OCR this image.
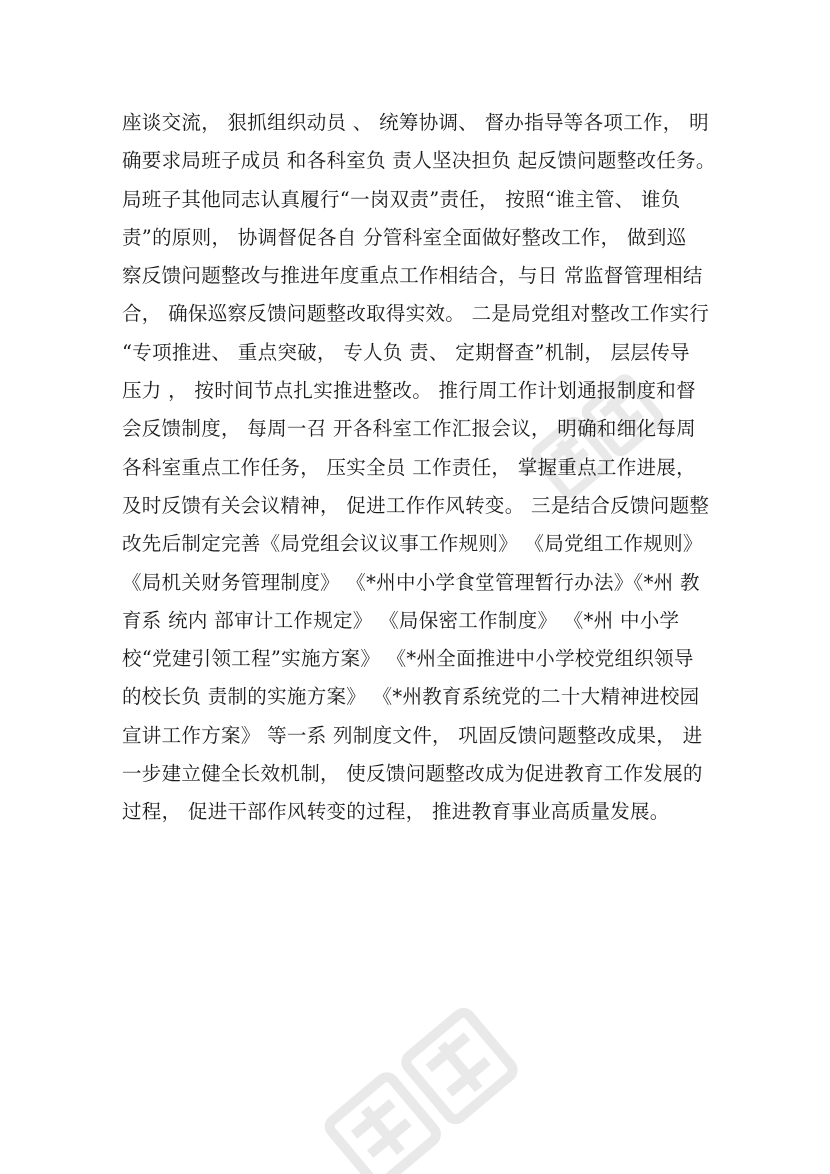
座谈交流， 狠抓组织动员 、 统筹协调、 督办指导等各项工作， 明
确要求局班子成员 和各科室负 责人坚决担负 起反馈问题整改任务。
局班子其他同志认真履行“一岗双责”责任， 按照“谁主管、 谁负
责”的原则， 协调督促各自 分管科室全面做好整改工作， 做到巡
察反馈问题整改与推进年度重点工作相结合，与日 常监督管理相结
合， 确保巡察反馈问题整改取得实效。 二是局党组对整改工作实行
“专项推进、 重点突破， 专人负 责、 定期督查”机制， 层层传导
压力 ， 按时间节点扎实推进整改。 推行周工作计划通报制度和督
会反馈制度， 每周一召 开各科室工作汇报会议， 明确和细化每周
各科室重点工作任务， 压实全员 工作责任， 掌握重点工作进展，
及时反馈有关会议精神， 促进工作作风转变。 三是结合反馈问题整
改先后制定完善《局党组会议议事工作规则》 《局党组工作规则》
《局机关财务管理制度》 《*州中小学食堂管理暂行办法》《*州 教
育系 统内 部审计工作规定》 《局保密工作制度》 《*州 中小学
校“党建引领工程”实施方案》 《*州全面推进中小学校党组织领导
的校长负 责制的实施方案》 《*州教育系统党的二十大精神进校园
宣讲工作方案》 等一系 列制度文件， 巩固反馈问题整改成果， 进
一步建立健全长效机制， 使反馈问题整改成为促进教育工作发展的
过程， 促进干部作风转变的过程， 推进教育事业高质量发展。
